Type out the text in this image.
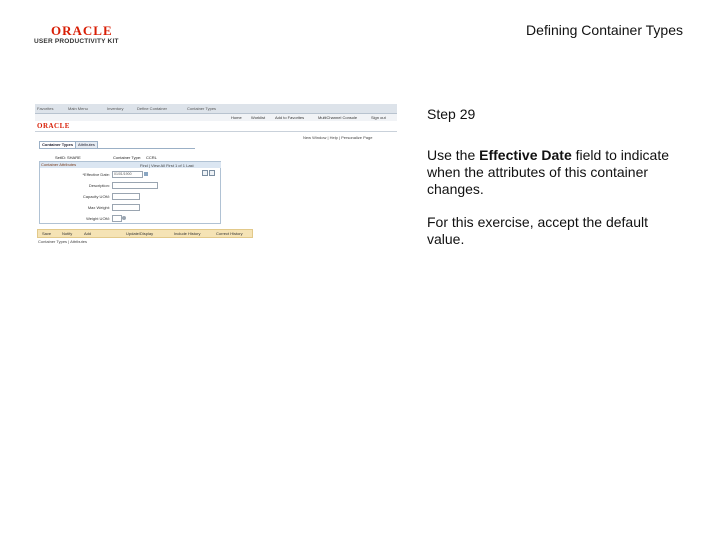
ORACLE
USER PRODUCTIVITY KIT
Defining Container Types
Favorites	Main Menu	Inventory	Define Container	Container Types
Home Worklist Add to Favorites	MultiChannel Console	Sign out
ORACLE
New Window | Help | Personalize Page
Container Types	Attributes
SetID: SHARE	Container Type: CCRL
Container Attributes	Find | View All First 1 of 1 Last
*Effective Date:	01/01/1900
Description:
Capacity UOM:
Max Weight:
Weight UOM:
Save	Notify	Add	Update/Display	Include History	Correct History
Container Types | Attributes
Step 29
Use the Effective Date field to indicate when the attributes of this container changes.
For this exercise, accept the default value.
